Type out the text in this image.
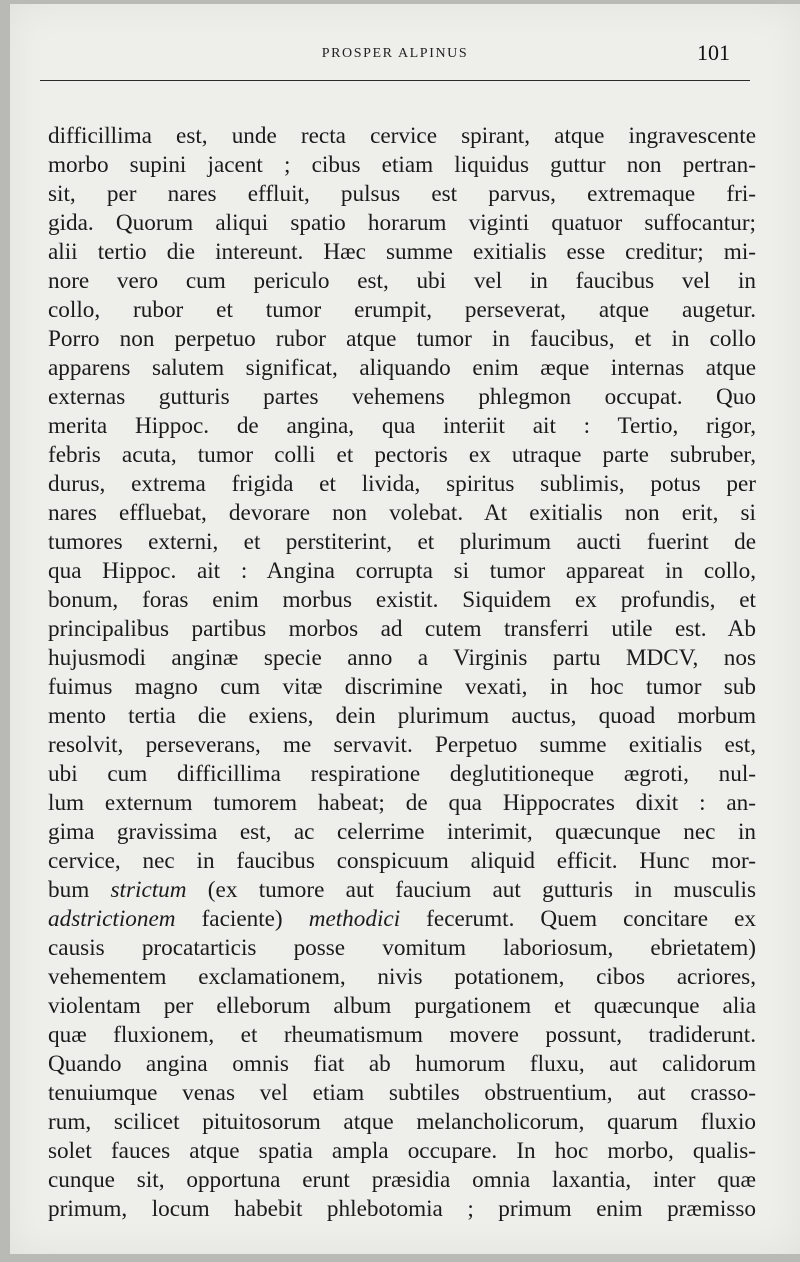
PROSPER ALPINUS	101
difficillima est, unde recta cervice spirant, atque ingravescente
morbo supini jacent ; cibus etiam liquidus guttur non pertran-
sit, per nares effluit, pulsus est parvus, extremaque fri-
gida. Quorum aliqui spatio horarum viginti quatuor suffocantur;
alii tertio die intereunt. Hæc summe exitialis esse creditur; mi-
nore vero cum periculo est, ubi vel in faucibus vel in
collo, rubor et tumor erumpit, perseverat, atque augetur.
Porro non perpetuo rubor atque tumor in faucibus, et in collo
apparens salutem significat, aliquando enim æque internas atque
externas gutturis partes vehemens phlegmon occupat. Quo
merita Hippoc. de angina, qua interiit ait : Tertio, rigor,
febris acuta, tumor colli et pectoris ex utraque parte subruber,
durus, extrema frigida et livida, spiritus sublimis, potus per
nares effluebat, devorare non volebat. At exitialis non erit, si
tumores externi, et perstiterint, et plurimum aucti fuerint de
qua Hippoc. ait : Angina corrupta si tumor appareat in collo,
bonum, foras enim morbus existit. Siquidem ex profundis, et
principalibus partibus morbos ad cutem transferri utile est. Ab
hujusmodi anginæ specie anno a Virginis partu MDCV, nos
fuimus magno cum vitæ discrimine vexati, in hoc tumor sub
mento tertia die exiens, dein plurimum auctus, quoad morbum
resolvit, perseverans, me servavit. Perpetuo summe exitialis est,
ubi cum difficillima respiratione deglutitioneque ægroti, nul-
lum externum tumorem habeat; de qua Hippocrates dixit : an-
gima gravissima est, ac celerrime interimit, quæcunque nec in
cervice, nec in faucibus conspicuum aliquid efficit. Hunc mor-
bum strictum (ex tumore aut faucium aut gutturis in musculis
adstrictionem faciente) methodici fecerumt. Quem concitare ex
causis procatarticis posse vomitum laboriosum, ebrietatem)
vehementem exclamationem, nivis potationem, cibos acriores,
violentam per elleborum album purgationem et quæcunque alia
quæ fluxionem, et rheumatismum movere possunt, tradiderunt.
Quando angina omnis fiat ab humorum fluxu, aut calidorum
tenuiumque venas vel etiam subtiles obstruentium, aut crasso-
rum, scilicet pituitosorum atque melancholicorum, quarum fluxio
solet fauces atque spatia ampla occupare. In hoc morbo, qualis-
cunque sit, opportuna erunt præsidia omnia laxantia, inter quæ
primum, locum habebit phlebotomia ; primum enim præmisso
